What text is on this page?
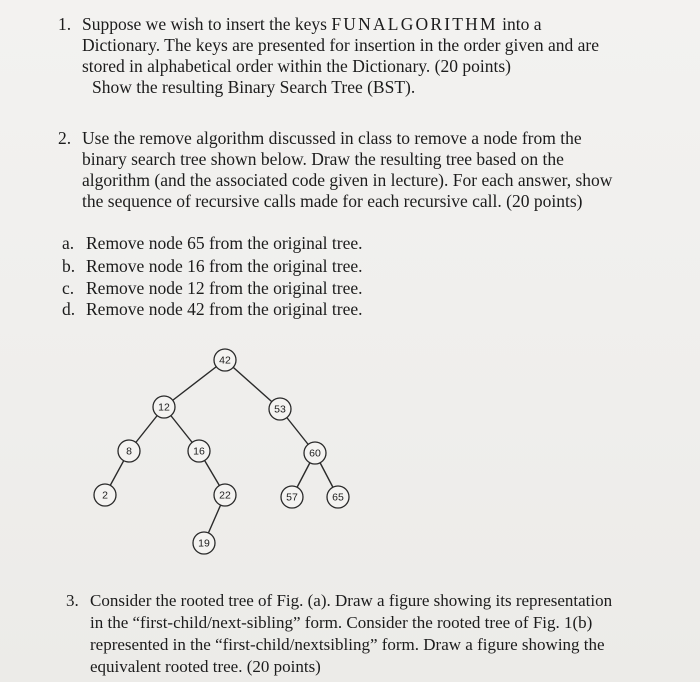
1. Suppose we wish to insert the keys FUNALGORITHM into a
Dictionary. The keys are presented for insertion in the order given and are
stored in alphabetical order within the Dictionary. (20 points)
Show the resulting Binary Search Tree (BST).
2. Use the remove algorithm discussed in class to remove a node from the
binary search tree shown below. Draw the resulting tree based on the
algorithm (and the associated code given in lecture). For each answer, show
the sequence of recursive calls made for each recursive call. (20 points)
a. Remove node 65 from the original tree.
b. Remove node 16 from the original tree.
c. Remove node 12 from the original tree.
d. Remove node 42 from the original tree.
42
12	53
8	16	60
2	22	57	65
19
3. Consider the rooted tree of Fig. (a). Draw a figure showing its representation
in the “first-child/next-sibling” form. Consider the rooted tree of Fig. 1(b)
represented in the “first-child/nextsibling” form. Draw a figure showing the
equivalent rooted tree. (20 points)
